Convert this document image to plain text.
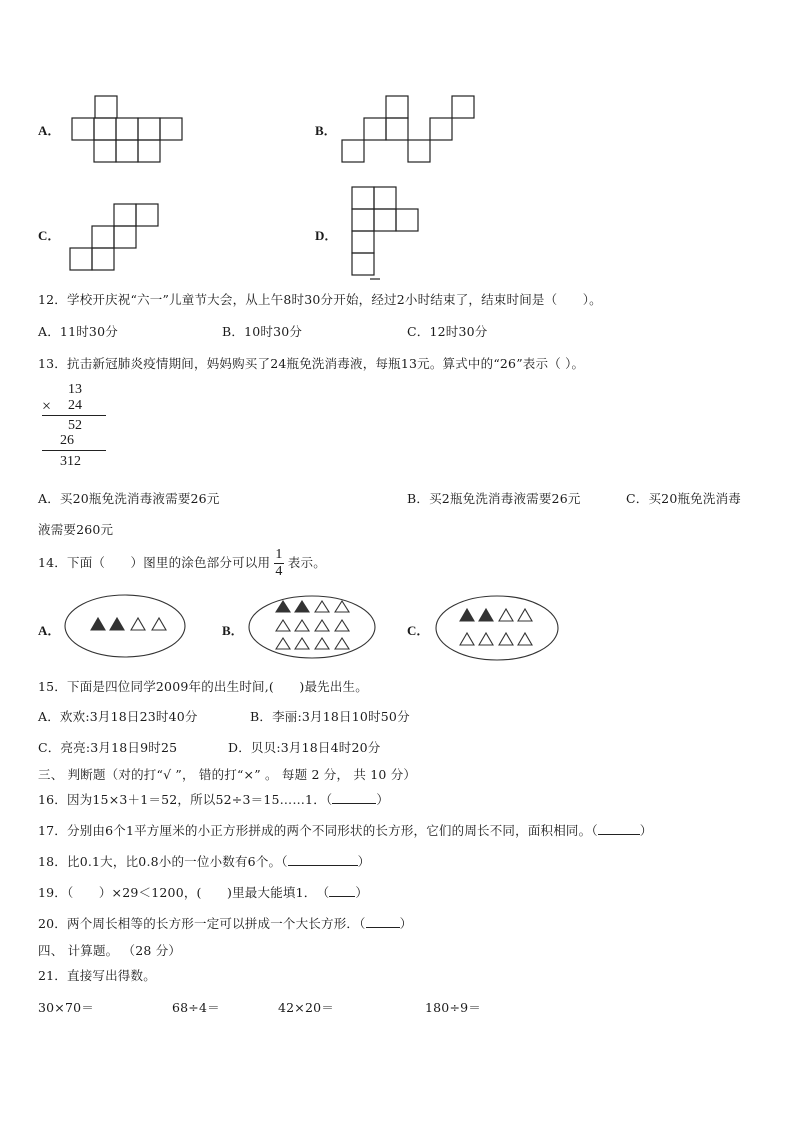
A．	B．
C．	D．
12．学校开庆祝“六一”儿童节大会，从上午8时30分开始，经过2小时结束了，结束时间是（　　）。
A．11时30分	B．10时30分	C．12时30分
13．抗击新冠肺炎疫情期间，妈妈购买了24瓶免洗消毒液，每瓶13元。算式中的“26”表示（ ）。
13
× 24
52
26
312
A．买20瓶免洗消毒液需要26元	B．买2瓶免洗消毒液需要26元	C．买20瓶免洗消毒
液需要260元
14．下面（　　）图里的涂色部分可以用 $\frac{1}{4}$ 表示。
A．	B．	C．
15．下面是四位同学2009年的出生时间,(　　)最先出生。
A．欢欢:3月18日23时40分	B．李丽:3月18日10时50分
C．亮亮:3月18日9时25	D．贝贝:3月18日4时20分
三、 判断题（对的打“√ ”， 错的打“×” 。 每题 2 分， 共 10 分）
16．因为15×3＋1＝52，所以52÷3＝15……1．（	）
17．分别由6个1平方厘米的小正方形拼成的两个不同形状的长方形，它们的周长不同，面积相同。（	）
18．比0.1大，比0.8小的一位小数有6个。（	）
19．（　　）×29＜1200，(　　)里最大能填1．　（ ）
20．两个周长相等的长方形一定可以拼成一个大长方形．（	）
四、 计算题。 （28 分）
21．直接写出得数。
30×70＝	68÷4＝	42×20＝	180÷9＝
